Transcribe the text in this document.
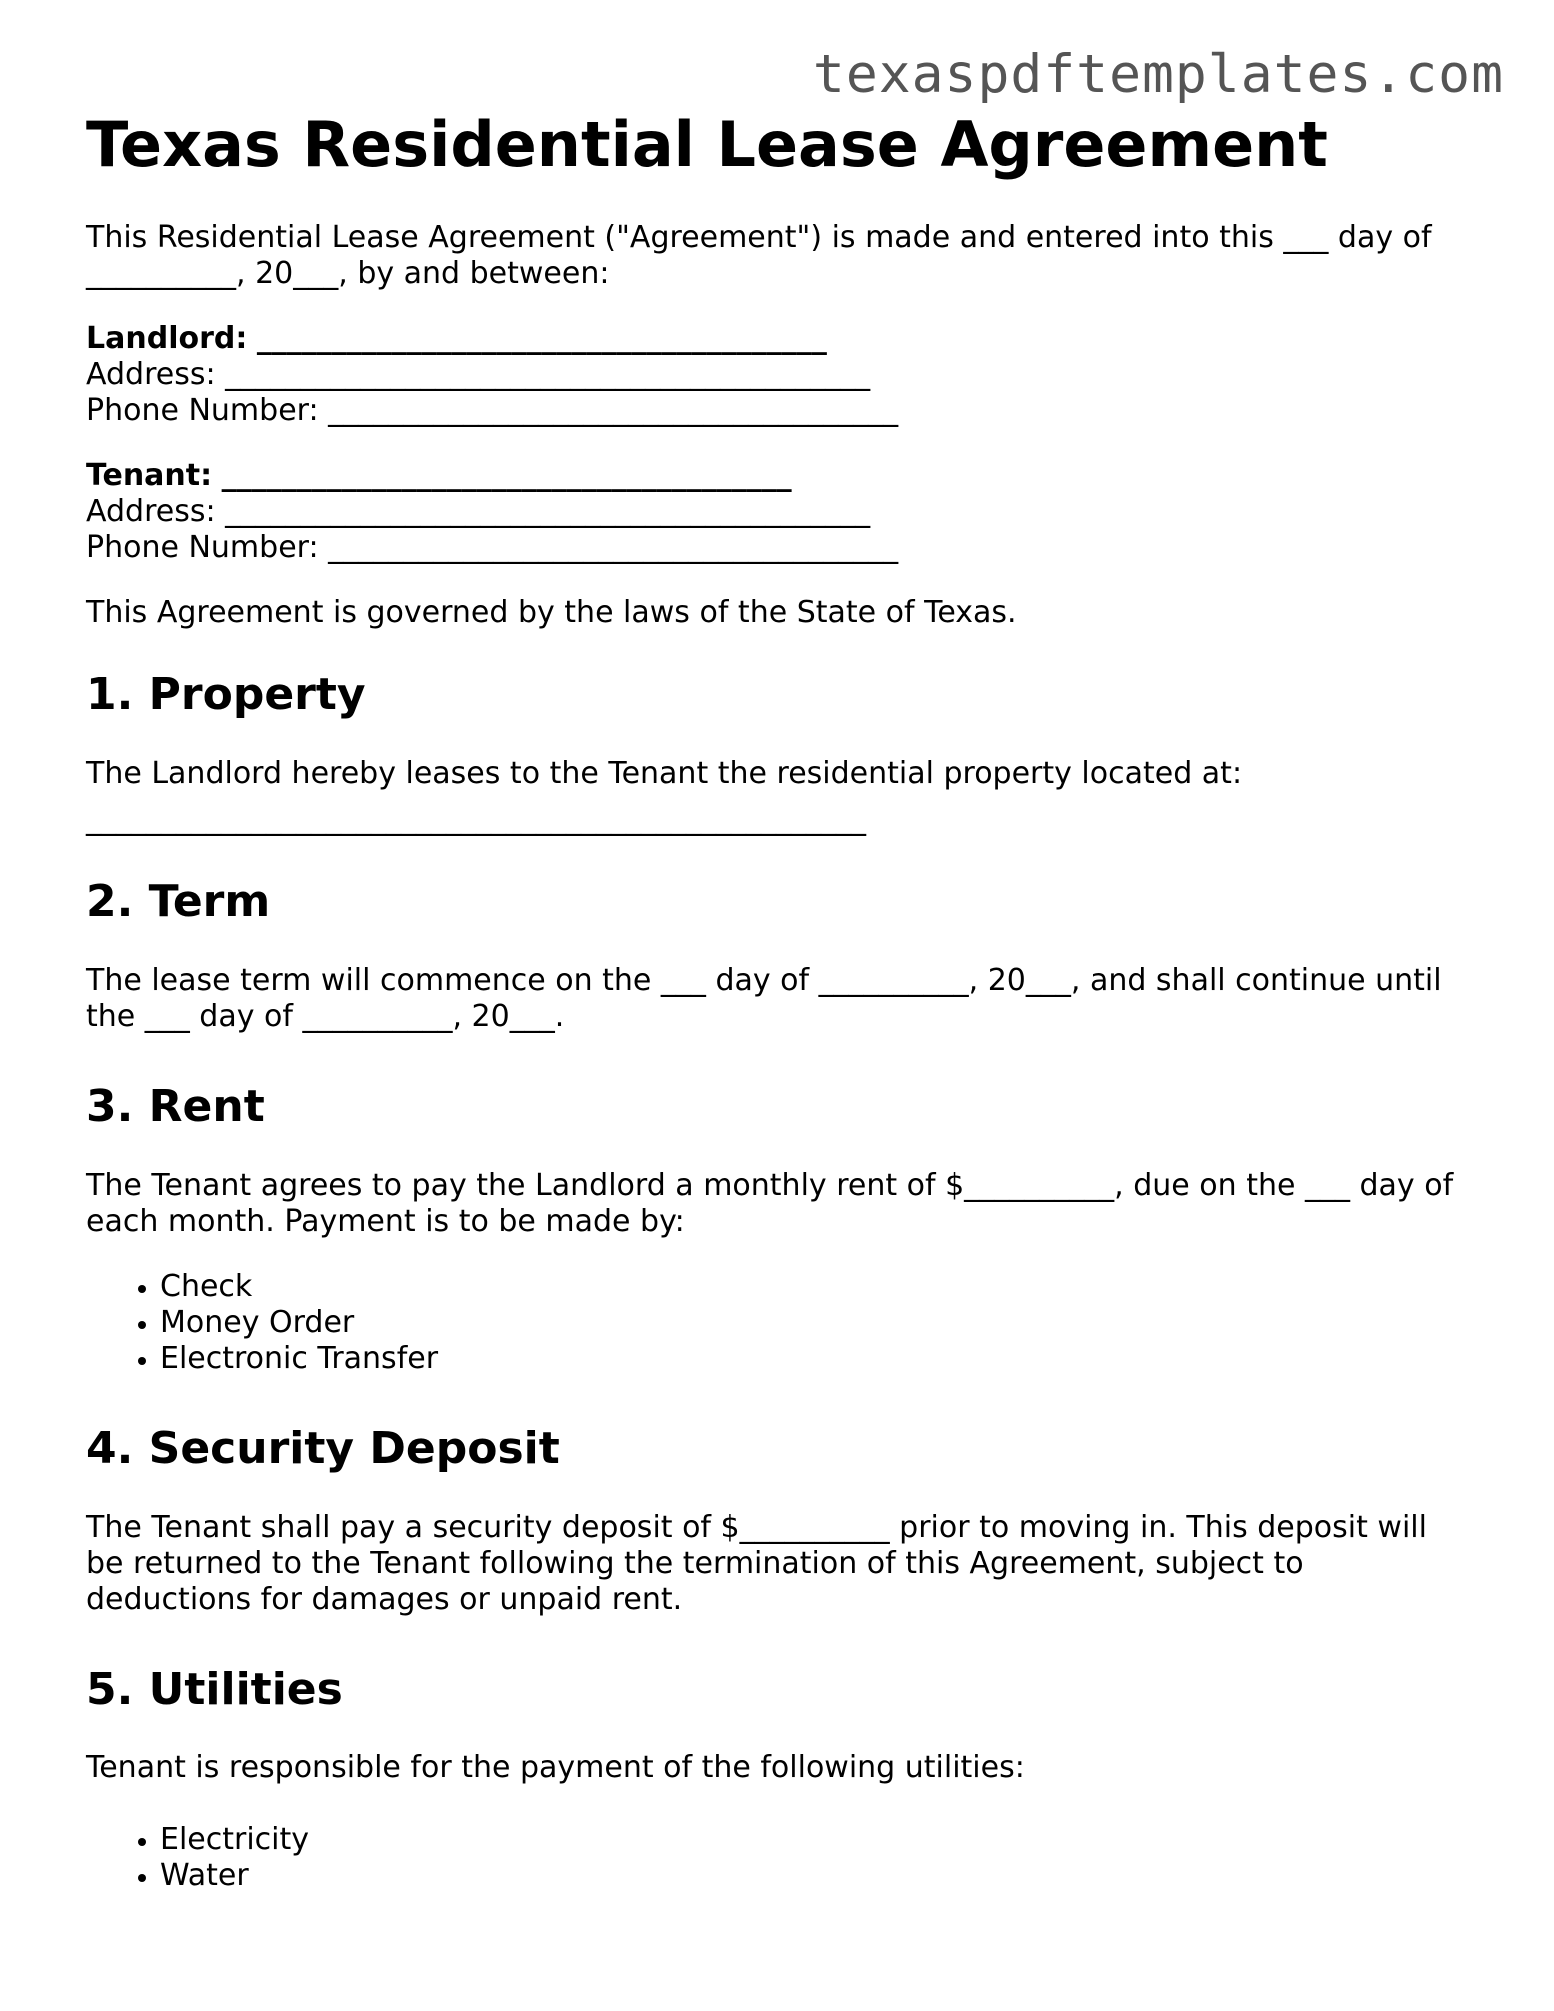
texaspdftemplates.com
Texas Residential Lease Agreement

This Residential Lease Agreement ("Agreement") is made and entered into this ___ day of __________, 20___, by and between:

Landlord: ______________________________________
Address: ___________________________________________
Phone Number: ______________________________________
Tenant: ______________________________________
Address: ___________________________________________
Phone Number: ______________________________________

This Agreement is governed by the laws of the State of Texas.

1. Property

The Landlord hereby leases to the Tenant the residential property located at:

____________________________________________________

2. Term

The lease term will commence on the ___ day of __________, 20___, and shall continue until the ___ day of __________, 20___.

3. Rent

The Tenant agrees to pay the Landlord a monthly rent of $__________, due on the ___ day of each month. Payment is to be made by:

• Check
• Money Order
• Electronic Transfer
4. Security Deposit

The Tenant shall pay a security deposit of $__________ prior to moving in. This deposit will be returned to the Tenant following the termination of this Agreement, subject to deductions for damages or unpaid rent.

5. Utilities

Tenant is responsible for the payment of the following utilities:

• Electricity
• Water
